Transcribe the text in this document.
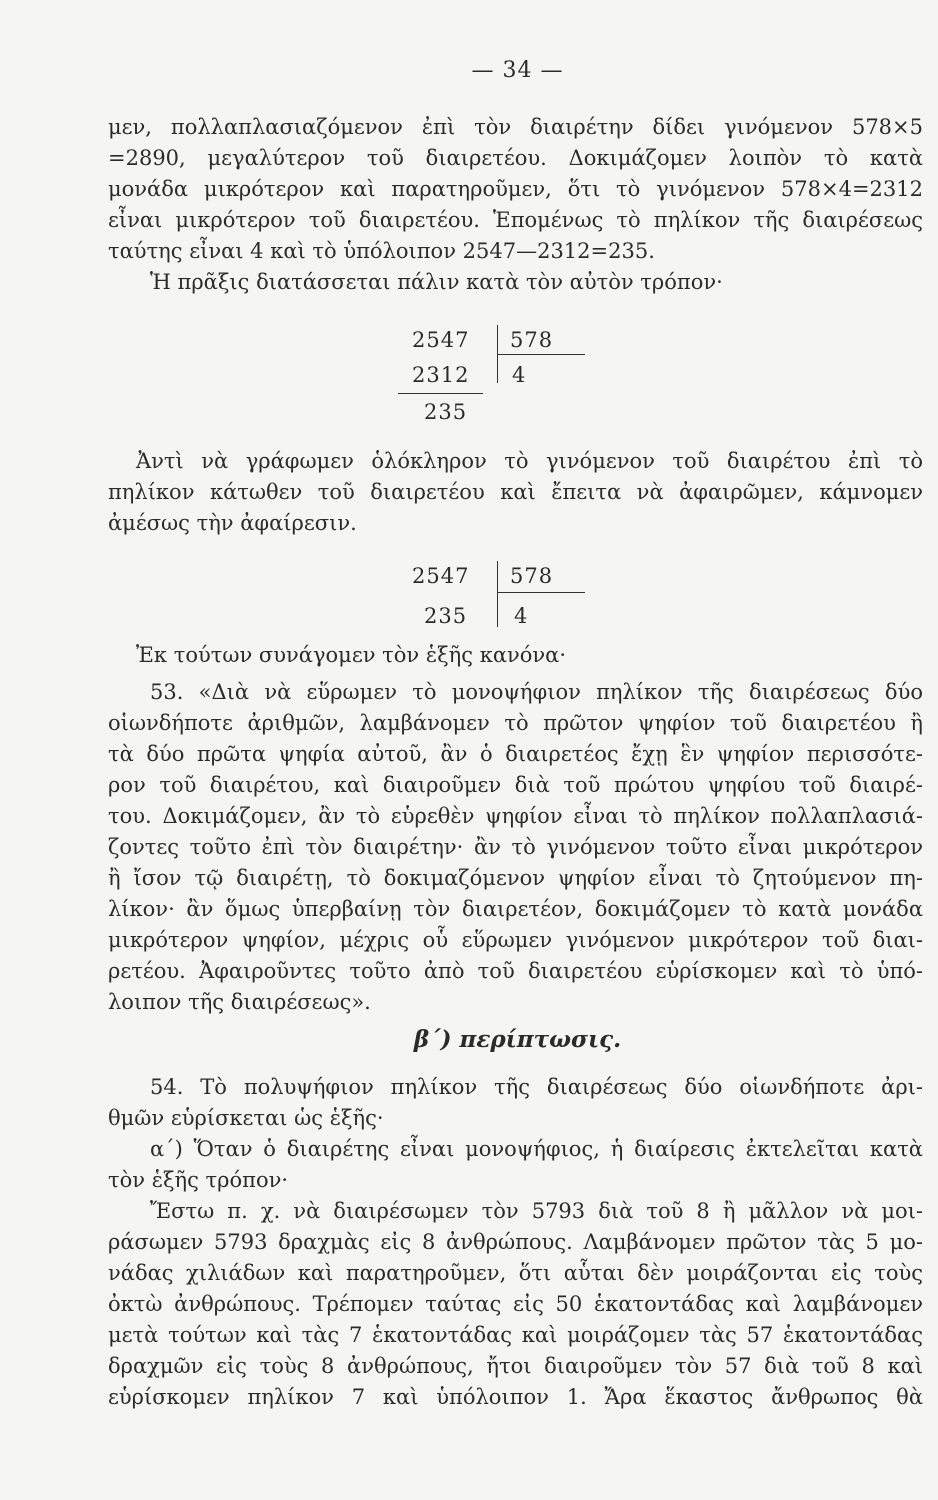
— 34 —
μεν, πολλαπλασιαζόμενον ἐπὶ τὸν διαιρέτην δίδει γινόμενον 578×5
=2890, μεγαλύτερον τοῦ διαιρετέου. Δοκιμάζομεν λοιπὸν τὸ κατὰ
μονάδα μικρότερον καὶ παρατηροῦμεν, ὅτι τὸ γινόμενον 578×4=2312
εἶναι μικρότερον τοῦ διαιρετέου. Ἑπομένως τὸ πηλίκον τῆς διαιρέσεως
ταύτης εἶναι 4 καὶ τὸ ὑπόλοιπον 2547—2312=235.
Ἡ πρᾶξις διατάσσεται πάλιν κατὰ τὸν αὐτὸν τρόπον·
2547 578
2312 4
235
Ἀντὶ νὰ γράφωμεν ὁλόκληρον τὸ γινόμενον τοῦ διαιρέτου ἐπὶ τὸ
πηλίκον κάτωθεν τοῦ διαιρετέου καὶ ἔπειτα νὰ ἀφαιρῶμεν, κάμνομεν
ἀμέσως τὴν ἀφαίρεσιν.
2547 578
235 4
Ἐκ τούτων συνάγομεν τὸν ἑξῆς κανόνα·
53. «Διὰ νὰ εὕρωμεν τὸ μονοψήφιον πηλίκον τῆς διαιρέσεως δύο
οἱωνδήποτε ἀριθμῶν, λαμβάνομεν τὸ πρῶτον ψηφίον τοῦ διαιρετέου ἢ
τὰ δύο πρῶτα ψηφία αὐτοῦ, ἂν ὁ διαιρετέος ἔχῃ ἓν ψηφίον περισσότε-
ρον τοῦ διαιρέτου, καὶ διαιροῦμεν διὰ τοῦ πρώτου ψηφίου τοῦ διαιρέ-
του. Δοκιμάζομεν, ἂν τὸ εὑρεθὲν ψηφίον εἶναι τὸ πηλίκον πολλαπλασιά-
ζοντες τοῦτο ἐπὶ τὸν διαιρέτην· ἂν τὸ γινόμενον τοῦτο εἶναι μικρότερον
ἢ ἴσον τῷ διαιρέτῃ, τὸ δοκιμαζόμενον ψηφίον εἶναι τὸ ζητούμενον πη-
λίκον· ἂν ὅμως ὑπερβαίνῃ τὸν διαιρετέον, δοκιμάζομεν τὸ κατὰ μονάδα
μικρότερον ψηφίον, μέχρις οὗ εὕρωμεν γινόμενον μικρότερον τοῦ διαι-
ρετέου. Ἀφαιροῦντες τοῦτο ἀπὸ τοῦ διαιρετέου εὑρίσκομεν καὶ τὸ ὑπό-
λοιπον τῆς διαιρέσεως».
β΄) περίπτωσις.
54. Τὸ πολυψήφιον πηλίκον τῆς διαιρέσεως δύο οἱωνδήποτε ἀρι-
θμῶν εὑρίσκεται ὡς ἑξῆς·
α΄) Ὅταν ὁ διαιρέτης εἶναι μονοψήφιος, ἡ διαίρεσις ἐκτελεῖται κατὰ
τὸν ἑξῆς τρόπον·
Ἔστω π. χ. νὰ διαιρέσωμεν τὸν 5793 διὰ τοῦ 8 ἢ μᾶλλον νὰ μοι-
ράσωμεν 5793 δραχμὰς εἰς 8 ἀνθρώπους. Λαμβάνομεν πρῶτον τὰς 5 μο-
νάδας χιλιάδων καὶ παρατηροῦμεν, ὅτι αὗται δὲν μοιράζονται εἰς τοὺς
ὀκτὼ ἀνθρώπους. Τρέπομεν ταύτας εἰς 50 ἑκατοντάδας καὶ λαμβάνομεν
μετὰ τούτων καὶ τὰς 7 ἑκατοντάδας καὶ μοιράζομεν τὰς 57 ἑκατοντάδας
δραχμῶν εἰς τοὺς 8 ἀνθρώπους, ἤτοι διαιροῦμεν τὸν 57 διὰ τοῦ 8 καὶ
εὑρίσκομεν πηλίκον 7 καὶ ὑπόλοιπον 1. Ἄρα ἕκαστος ἄνθρωπος θὰ
